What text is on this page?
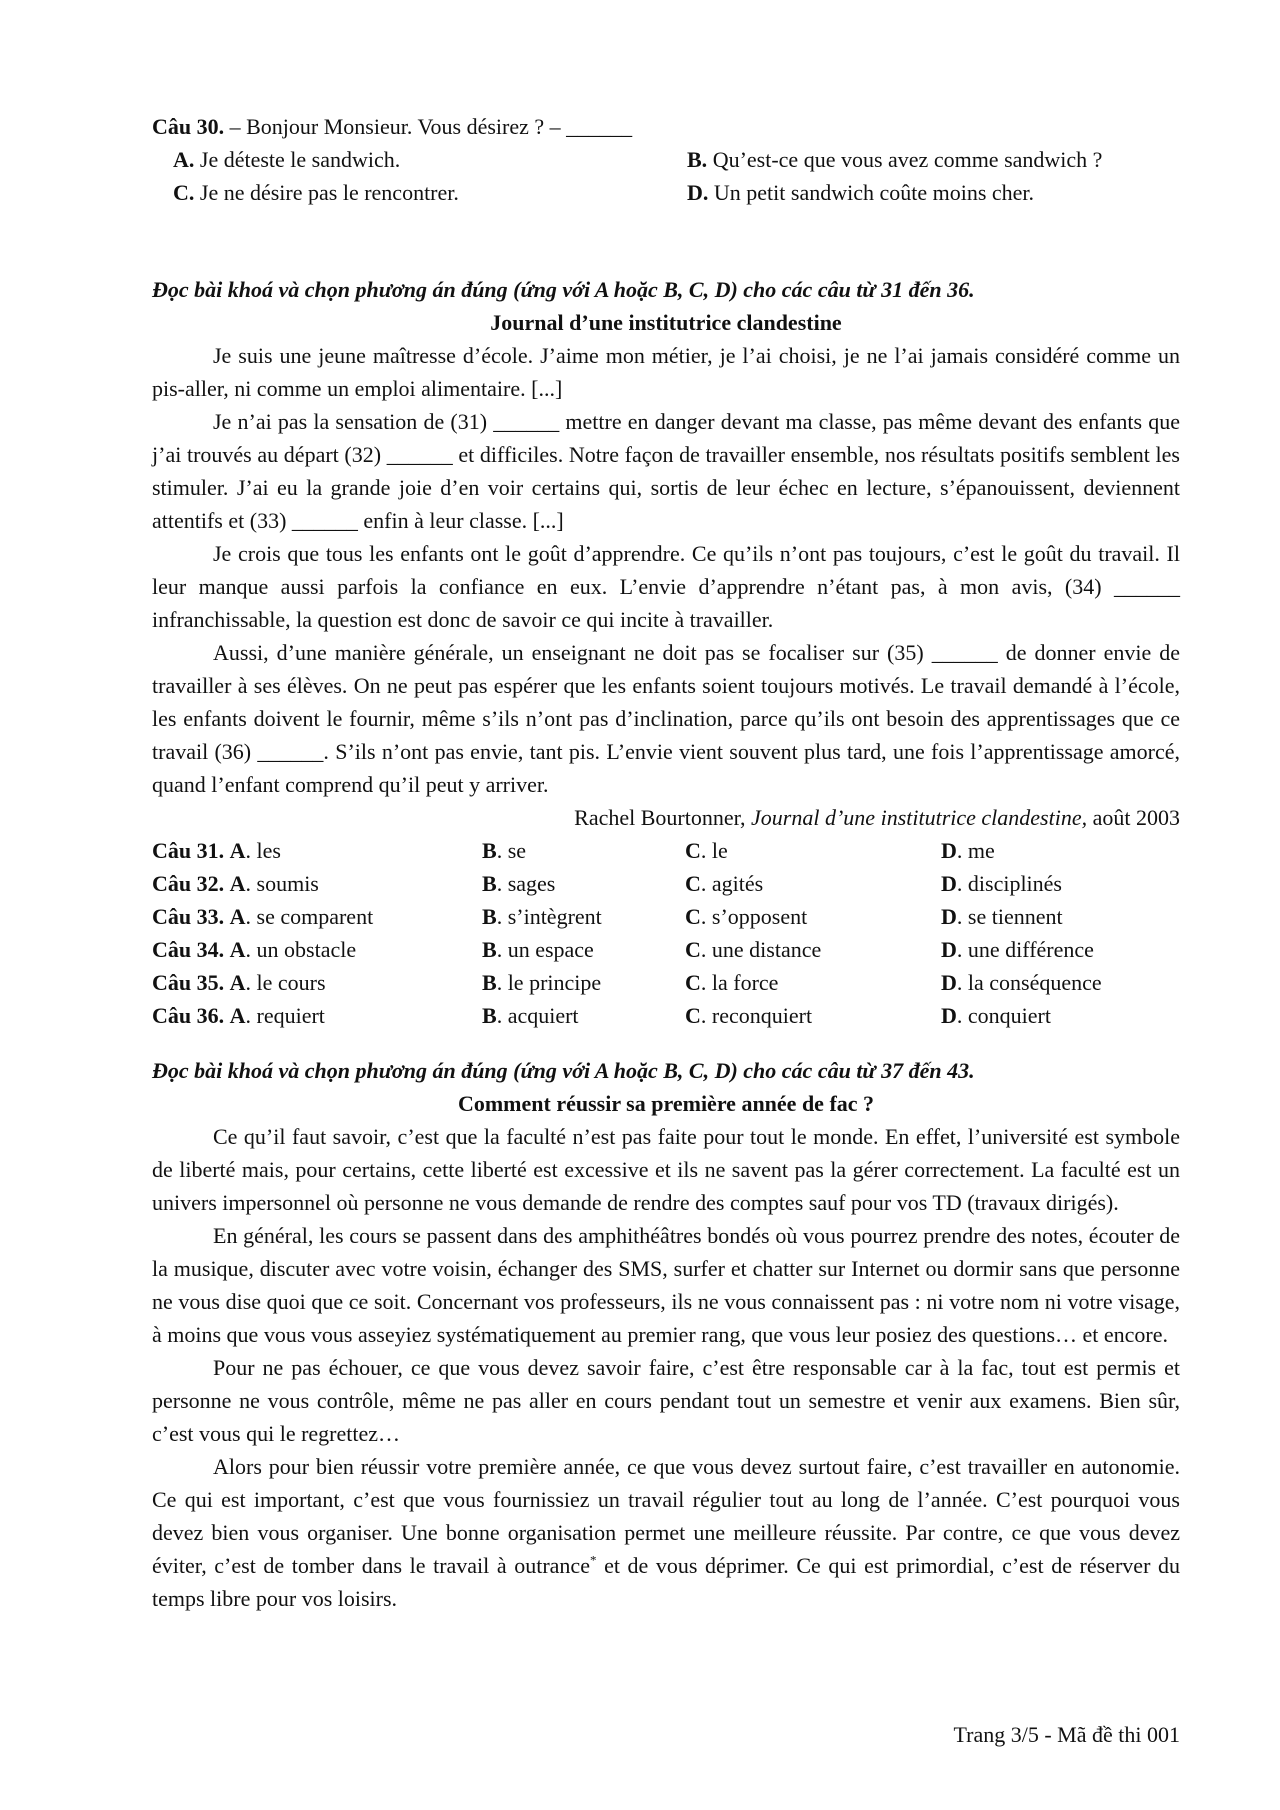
Câu 30. – Bonjour Monsieur. Vous désirez ? – ______
A. Je déteste le sandwich.	B. Qu’est-ce que vous avez comme sandwich ?
C. Je ne désire pas le rencontrer.	D. Un petit sandwich coûte moins cher.
Đọc bài khoá và chọn phương án đúng (ứng với A hoặc B, C, D) cho các câu từ 31 đến 36.
Journal d’une institutrice clandestine

Je suis une jeune maîtresse d’école. J’aime mon métier, je l’ai choisi, je ne l’ai jamais considéré comme un pis-aller, ni comme un emploi alimentaire. [...]

Je n’ai pas la sensation de (31) ______ mettre en danger devant ma classe, pas même devant des enfants que j’ai trouvés au départ (32) ______ et difficiles. Notre façon de travailler ensemble, nos résultats positifs semblent les stimuler. J’ai eu la grande joie d’en voir certains qui, sortis de leur échec en lecture, s’épanouissent, deviennent attentifs et (33) ______ enfin à leur classe. [...]

Je crois que tous les enfants ont le goût d’apprendre. Ce qu’ils n’ont pas toujours, c’est le goût du travail. Il leur manque aussi parfois la confiance en eux. L’envie d’apprendre n’étant pas, à mon avis, (34) ______ infranchissable, la question est donc de savoir ce qui incite à travailler.

Aussi, d’une manière générale, un enseignant ne doit pas se focaliser sur (35) ______ de donner envie de travailler à ses élèves. On ne peut pas espérer que les enfants soient toujours motivés. Le travail demandé à l’école, les enfants doivent le fournir, même s’ils n’ont pas d’inclination, parce qu’ils ont besoin des apprentissages que ce travail (36) ______. S’ils n’ont pas envie, tant pis. L’envie vient souvent plus tard, une fois l’apprentissage amorcé, quand l’enfant comprend qu’il peut y arriver.

Rachel Bourtonner, Journal d’une institutrice clandestine, août 2003
Câu 31. A. les	B. se	C. le	D. me
Câu 32. A. soumis	B. sages	C. agités	D. disciplinés
Câu 33. A. se comparent	B. s’intègrent	C. s’opposent	D. se tiennent
Câu 34. A. un obstacle	B. un espace	C. une distance	D. une différence
Câu 35. A. le cours	B. le principe	C. la force	D. la conséquence
Câu 36. A. requiert	B. acquiert	C. reconquiert	D. conquiert
Đọc bài khoá và chọn phương án đúng (ứng với A hoặc B, C, D) cho các câu từ 37 đến 43.
Comment réussir sa première année de fac ?

Ce qu’il faut savoir, c’est que la faculté n’est pas faite pour tout le monde. En effet, l’université est symbole de liberté mais, pour certains, cette liberté est excessive et ils ne savent pas la gérer correctement. La faculté est un univers impersonnel où personne ne vous demande de rendre des comptes sauf pour vos TD (travaux dirigés).

En général, les cours se passent dans des amphithéâtres bondés où vous pourrez prendre des notes, écouter de la musique, discuter avec votre voisin, échanger des SMS, surfer et chatter sur Internet ou dormir sans que personne ne vous dise quoi que ce soit. Concernant vos professeurs, ils ne vous connaissent pas : ni votre nom ni votre visage, à moins que vous vous asseyiez systématiquement au premier rang, que vous leur posiez des questions… et encore.

Pour ne pas échouer, ce que vous devez savoir faire, c’est être responsable car à la fac, tout est permis et personne ne vous contrôle, même ne pas aller en cours pendant tout un semestre et venir aux examens. Bien sûr, c’est vous qui le regrettez…

Alors pour bien réussir votre première année, ce que vous devez surtout faire, c’est travailler en autonomie. Ce qui est important, c’est que vous fournissiez un travail régulier tout au long de l’année. C’est pourquoi vous devez bien vous organiser. Une bonne organisation permet une meilleure réussite. Par contre, ce que vous devez éviter, c’est de tomber dans le travail à outrance* et de vous déprimer. Ce qui est primordial, c’est de réserver du temps libre pour vos loisirs.

Trang 3/5 - Mã đề thi 001
